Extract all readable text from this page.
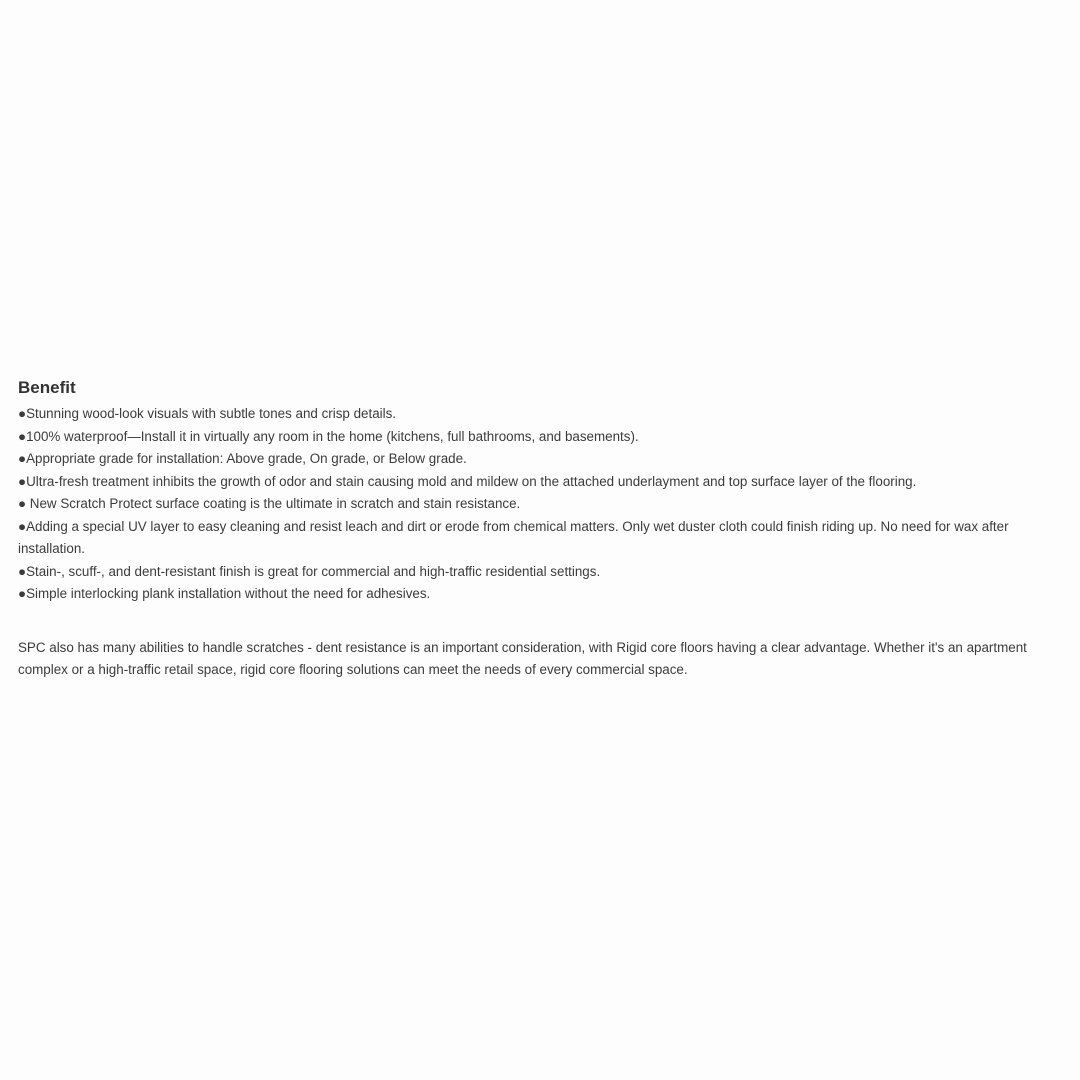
Benefit
●Stunning wood-look visuals with subtle tones and crisp details.
●100% waterproof—Install it in virtually any room in the home (kitchens, full bathrooms, and basements).
●Appropriate grade for installation: Above grade, On grade, or Below grade.
●Ultra-fresh treatment inhibits the growth of odor and stain causing mold and mildew on the attached underlayment and top surface layer of the flooring.
● New Scratch Protect surface coating is the ultimate in scratch and stain resistance.
●Adding a special UV layer to easy cleaning and resist leach and dirt or erode from chemical matters. Only wet duster cloth could finish riding up. No need for wax after installation.
●Stain-, scuff-, and dent-resistant finish is great for commercial and high-traffic residential settings.
●Simple interlocking plank installation without the need for adhesives.

SPC also has many abilities to handle scratches - dent resistance is an important consideration, with Rigid core floors having a clear advantage. Whether it's an apartment complex or a high-traffic retail space, rigid core flooring solutions can meet the needs of every commercial space.
